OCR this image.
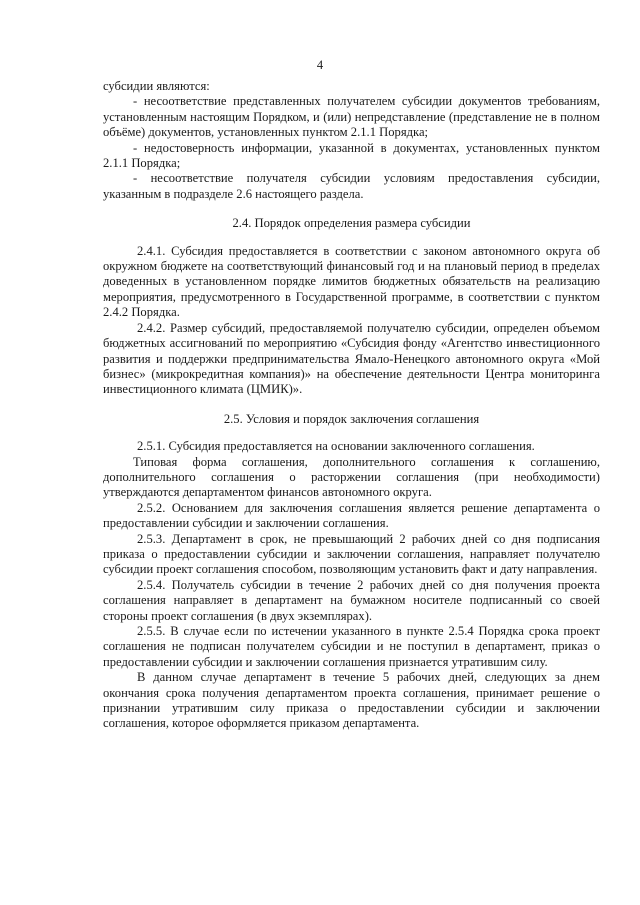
4

субсидии являются:

- несоответствие представленных получателем субсидии документов требованиям, установленным настоящим Порядком, и (или) непредставление (представление не в полном объёме) документов, установленных пунктом 2.1.1 Порядка;

- недостоверность информации, указанной в документах, установленных пунктом 2.1.1 Порядка;

- несоответствие получателя субсидии условиям предоставления субсидии, указанным в подразделе 2.6 настоящего раздела.

2.4. Порядок определения размера субсидии

2.4.1. Субсидия предоставляется в соответствии с законом автономного округа об окружном бюджете на соответствующий финансовый год и на плановый период в пределах доведенных в установленном порядке лимитов бюджетных обязательств на реализацию мероприятия, предусмотренного в Государственной программе, в соответствии с пунктом 2.4.2 Порядка.

2.4.2. Размер субсидий, предоставляемой получателю субсидии, определен объемом бюджетных ассигнований по мероприятию «Субсидия фонду «Агентство инвестиционного развития и поддержки предпринимательства Ямало-Ненецкого автономного округа «Мой бизнес» (микрокредитная компания)» на обеспечение деятельности Центра мониторинга инвестиционного климата (ЦМИК)».

2.5. Условия и порядок заключения соглашения

2.5.1. Субсидия предоставляется на основании заключенного соглашения.

Типовая форма соглашения, дополнительного соглашения к соглашению, дополнительного соглашения о расторжении соглашения (при необходимости) утверждаются департаментом финансов автономного округа.

2.5.2. Основанием для заключения соглашения является решение департамента о предоставлении субсидии и заключении соглашения.

2.5.3. Департамент в срок, не превышающий 2 рабочих дней со дня подписания приказа о предоставлении субсидии и заключении соглашения, направляет получателю субсидии проект соглашения способом, позволяющим установить факт и дату направления.

2.5.4. Получатель субсидии в течение 2 рабочих дней со дня получения проекта соглашения направляет в департамент на бумажном носителе подписанный со своей стороны проект соглашения (в двух экземплярах).

2.5.5. В случае если по истечении указанного в пункте 2.5.4 Порядка срока проект соглашения не подписан получателем субсидии и не поступил в департамент, приказ о предоставлении субсидии и заключении соглашения признается утратившим силу.

В данном случае департамент в течение 5 рабочих дней, следующих за днем окончания срока получения департаментом проекта соглашения, принимает решение о признании утратившим силу приказа о предоставлении субсидии и заключении соглашения, которое оформляется приказом департамента.
